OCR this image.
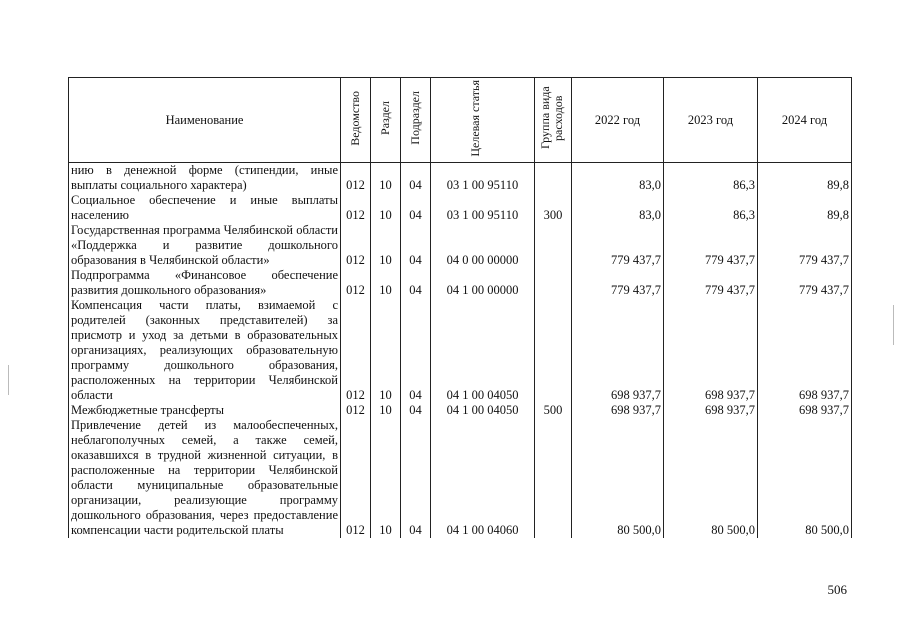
Наименование	Ведомство	Раздел	Подраздел	Целевая статья	Группа вида расходов	2022 год	2023 год	2024 год
нию в денежной форме (стипендии, иные выплаты социального характера)	012	10	04	03 1 00 95110		83,0	86,3	89,8
Социальное обеспечение и иные выплаты населению	012	10	04	03 1 00 95110	300	83,0	86,3	89,8
Государственная программа Челябинской области «Поддержка и развитие дошкольного образования в Челябинской области»	012	10	04	04 0 00 00000		779 437,7	779 437,7	779 437,7
Подпрограмма «Финансовое обеспечение развития дошкольного образования»	012	10	04	04 1 00 00000		779 437,7	779 437,7	779 437,7
Компенсация части платы, взимаемой с родителей (законных представителей) за присмотр и уход за детьми в образовательных организациях, реализующих образовательную программу дошкольного образования, расположенных на территории Челябинской области	012	10	04	04 1 00 04050		698 937,7	698 937,7	698 937,7
Межбюджетные трансферты	012	10	04	04 1 00 04050	500	698 937,7	698 937,7	698 937,7
Привлечение детей из малообеспеченных, неблагополучных семей, а также семей, оказавшихся в трудной жизненной ситуации, в расположенные на территории Челябинской области муниципальные образовательные организации, реализующие программу дошкольного образования, через предоставление компенсации части родительской платы	012	10	04	04 1 00 04060		80 500,0	80 500,0	80 500,0
506
